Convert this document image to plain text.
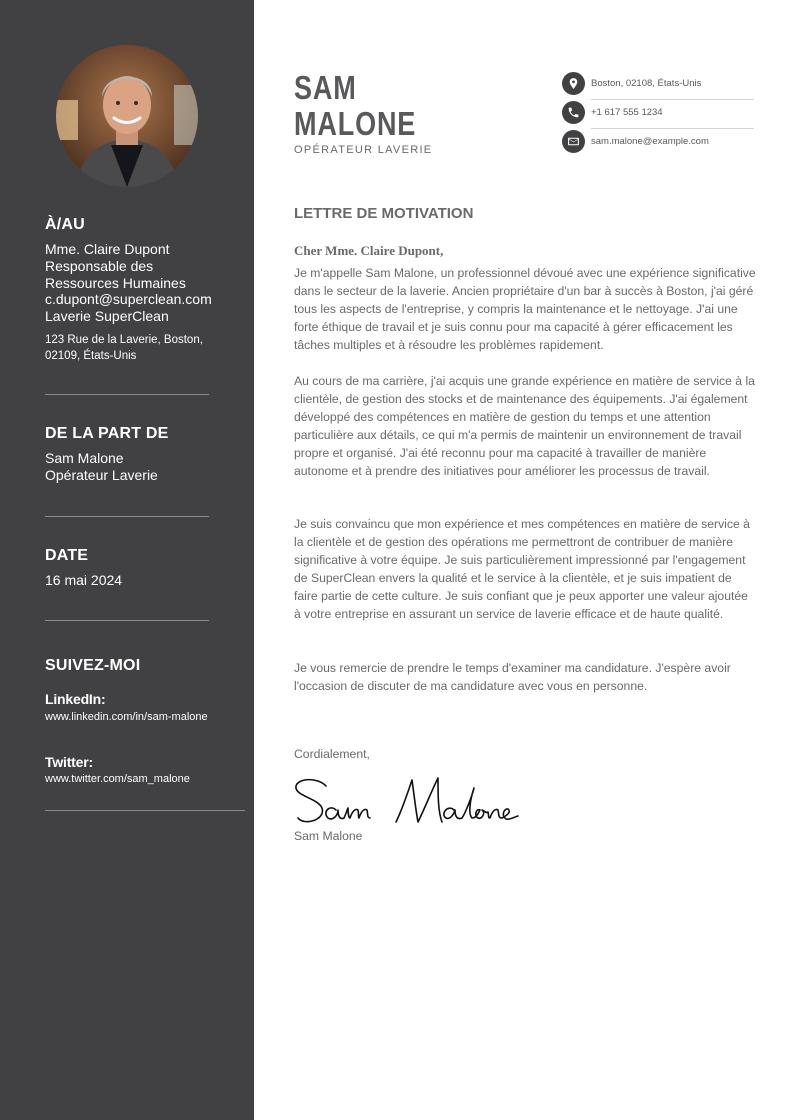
À/AU
Mme. Claire Dupont
Responsable des Ressources Humaines
c.dupont@superclean.com
Laverie SuperClean
123 Rue de la Laverie, Boston, 02109, États-Unis
DE LA PART DE
Sam Malone
Opérateur Laverie
DATE
16 mai 2024
SUIVEZ-MOI
LinkedIn:
www.linkedin.com/in/sam-malone
Twitter:
www.twitter.com/sam_malone
SAM
MALONE
OPÉRATEUR LAVERIE
Boston, 02108, États-Unis
+1 617 555 1234
sam.malone@example.com
LETTRE DE MOTIVATION
Cher Mme. Claire Dupont,
Je m'appelle Sam Malone, un professionnel dévoué avec une expérience significative dans le secteur de la laverie. Ancien propriétaire d'un bar à succès à Boston, j'ai géré tous les aspects de l'entreprise, y compris la maintenance et le nettoyage. J'ai une forte éthique de travail et je suis connu pour ma capacité à gérer efficacement les tâches multiples et à résoudre les problèmes rapidement.
Au cours de ma carrière, j'ai acquis une grande expérience en matière de service à la clientèle, de gestion des stocks et de maintenance des équipements. J'ai également développé des compétences en matière de gestion du temps et une attention particulière aux détails, ce qui m'a permis de maintenir un environnement de travail propre et organisé. J'ai été reconnu pour ma capacité à travailler de manière autonome et à prendre des initiatives pour améliorer les processus de travail.
Je suis convaincu que mon expérience et mes compétences en matière de service à la clientèle et de gestion des opérations me permettront de contribuer de manière significative à votre équipe. Je suis particulièrement impressionné par l'engagement de SuperClean envers la qualité et le service à la clientèle, et je suis impatient de faire partie de cette culture. Je suis confiant que je peux apporter une valeur ajoutée à votre entreprise en assurant un service de laverie efficace et de haute qualité.
Je vous remercie de prendre le temps d'examiner ma candidature. J'espère avoir l'occasion de discuter de ma candidature avec vous en personne.
Cordialement,
Sam Malone
